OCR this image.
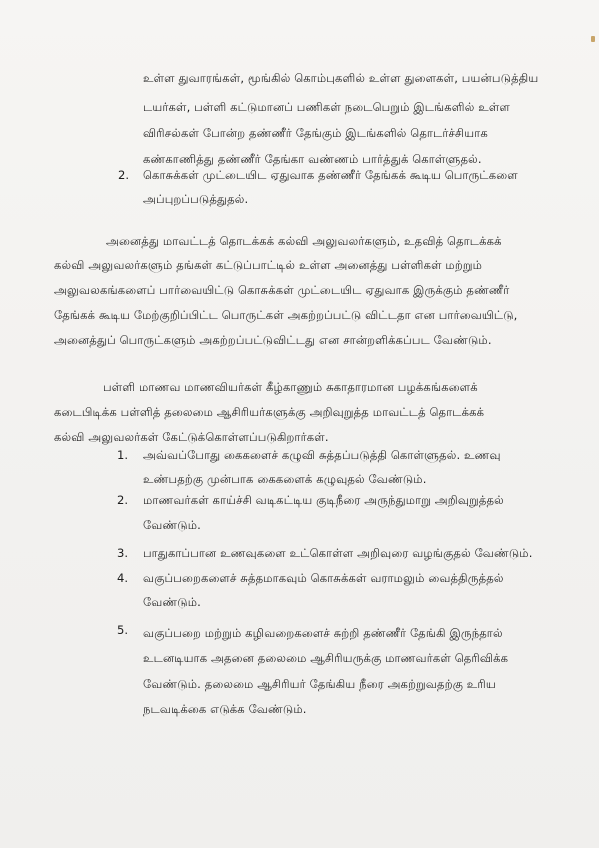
உள்ள துவாரங்கள், மூங்கில் கொம்புகளில் உள்ள துளைகள், பயன்படுத்திய
டயர்கள், பள்ளி கட்டுமானப் பணிகள் நடைபெறும் இடங்களில் உள்ள
விரிசல்கள் போன்ற தண்ணீர் தேங்கும் இடங்களில் தொடர்ச்சியாக
கண்காணித்து தண்ணீர் தேங்கா வண்ணம் பார்த்துக் கொள்ளுதல்.
2. கொசுக்கள் முட்டையிட ஏதுவாக தண்ணீர் தேங்கக் கூடிய பொருட்களை
அப்புறப்படுத்துதல்.
அனைத்து மாவட்டத் தொடக்கக் கல்வி அலுவலர்களும், உதவித் தொடக்கக்
கல்வி அலுவலர்களும் தங்கள் கட்டுப்பாட்டில் உள்ள அனைத்து பள்ளிகள் மற்றும்
அலுவலகங்களைப் பார்வையிட்டு கொசுக்கள் முட்டையிட ஏதுவாக இருக்கும் தண்ணீர்
தேங்கக் கூடிய மேற்குறிப்பிட்ட பொருட்கள் அகற்றப்பட்டு விட்டதா என பார்வையிட்டு,
அனைத்துப் பொருட்களும் அகற்றப்பட்டுவிட்டது என சான்றளிக்கப்பட வேண்டும்.
பள்ளி மாணவ மாணவியர்கள் கீழ்காணும் சுகாதாரமான பழக்கங்களைக்
கடைபிடிக்க பள்ளித் தலைமை ஆசிரியர்களுக்கு அறிவுறுத்த மாவட்டத் தொடக்கக்
கல்வி அலுவலர்கள் கேட்டுக்கொள்ளப்படுகிறார்கள்.
1. அவ்வப்போது கைகளைச் கழுவி சுத்தப்படுத்தி கொள்ளுதல். உணவு
உண்பதற்கு முன்பாக கைகளைக் கழுவுதல் வேண்டும்.
2. மாணவர்கள் காய்ச்சி வடிகட்டிய குடிநீரை அருந்துமாறு அறிவுறுத்தல்
வேண்டும்.
3. பாதுகாப்பான உணவுகளை உட்கொள்ள அறிவுரை வழங்குதல் வேண்டும்.
4. வகுப்பறைகளைச் சுத்தமாகவும் கொசுக்கள் வராமலும் வைத்திருத்தல்
வேண்டும்.
5. வகுப்பறை மற்றும் கழிவறைகளைச் சுற்றி தண்ணீர் தேங்கி இருந்தால்
உடனடியாக அதனை தலைமை ஆசிரியருக்கு மாணவர்கள் தெரிவிக்க
வேண்டும். தலைமை ஆசிரியர் தேங்கிய நீரை அகற்றுவதற்கு உரிய
நடவடிக்கை எடுக்க வேண்டும்.
